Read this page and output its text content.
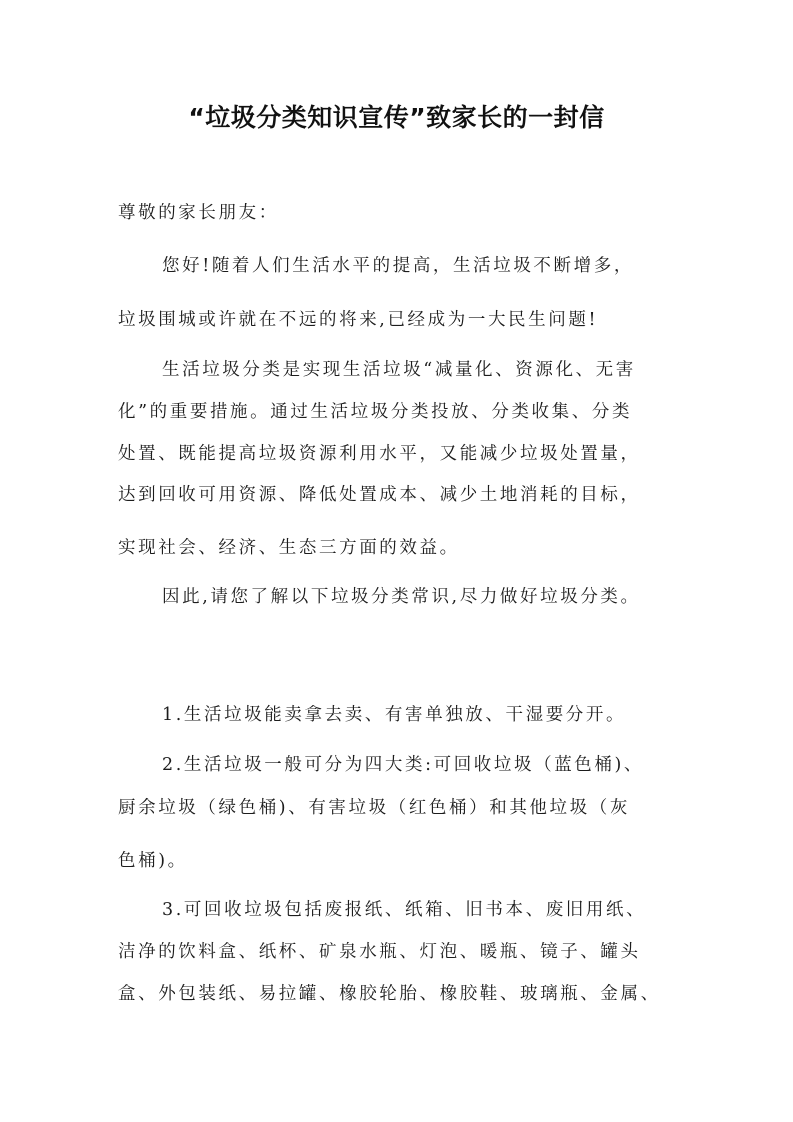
“垃圾分类知识宣传”致家长的一封信
尊敬的家长朋友：
您好!随着人们生活水平的提高，生活垃圾不断增多，
垃圾围城或许就在不远的将来,已经成为一大民生问题!
生活垃圾分类是实现生活垃圾“减量化、资源化、无害
化”的重要措施。通过生活垃圾分类投放、分类收集、分类
处置、既能提高垃圾资源利用水平，又能减少垃圾处置量，
达到回收可用资源、降低处置成本、减少土地消耗的目标，
实现社会、经济、生态三方面的效益。
因此,请您了解以下垃圾分类常识,尽力做好垃圾分类。
1.生活垃圾能卖拿去卖、有害单独放、干湿要分开。
2.生活垃圾一般可分为四大类:可回收垃圾（蓝色桶)、
厨余垃圾（绿色桶)、有害垃圾（红色桶）和其他垃圾（灰
色桶)。
3.可回收垃圾包括废报纸、纸箱、旧书本、废旧用纸、
洁净的饮料盒、纸杯、矿泉水瓶、灯泡、暖瓶、镜子、罐头
盒、外包装纸、易拉罐、橡胶轮胎、橡胶鞋、玻璃瓶、金属、
